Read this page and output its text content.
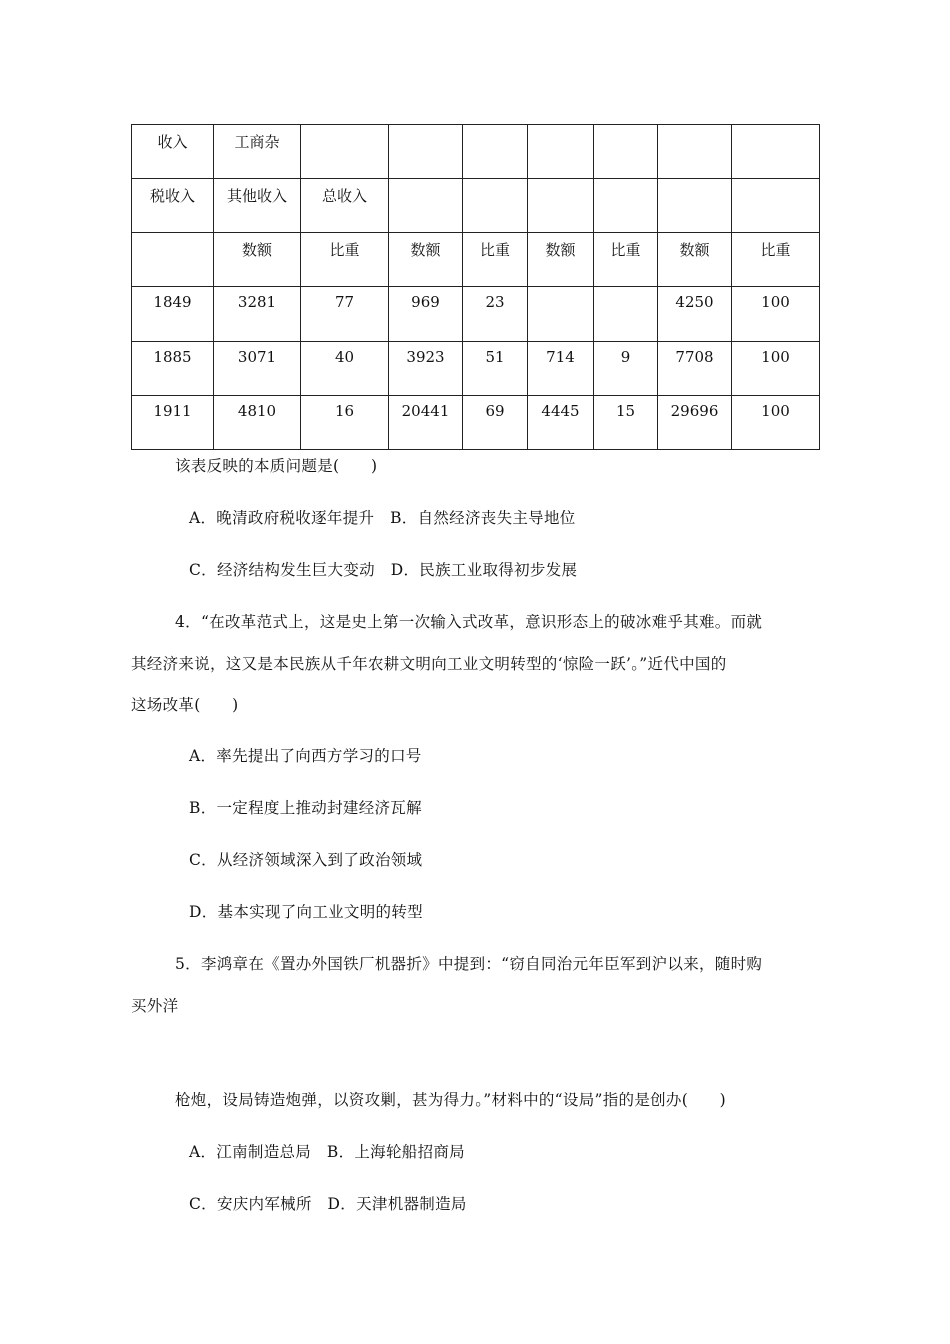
收入	工商杂							
税收入	其他收入	总收入						
	数额	比重	数额	比重	数额	比重	数额	比重
1849	3281	77	969	23			4250	100
1885	3071	40	3923	51	714	9	7708	100
1911	4810	16	20441	69	4445	15	29696	100
该表反映的本质问题是(　　)
A．晚清政府税收逐年提升　B．自然经济丧失主导地位
C．经济结构发生巨大变动　D．民族工业取得初步发展
4．“在改革范式上，这是史上第一次输入式改革，意识形态上的破冰难乎其难。而就
其经济来说，这又是本民族从千年农耕文明向工业文明转型的‘惊险一跃’。”近代中国的
这场改革(　　)
A．率先提出了向西方学习的口号
B．一定程度上推动封建经济瓦解
C．从经济领域深入到了政治领域
D．基本实现了向工业文明的转型
5．李鸿章在《置办外国铁厂机器折》中提到：“窃自同治元年臣军到沪以来，随时购
买外洋
枪炮，设局铸造炮弹，以资攻剿，甚为得力。”材料中的“设局”指的是创办(　　)
A．江南制造总局　B．上海轮船招商局
C．安庆内军械所　D．天津机器制造局
